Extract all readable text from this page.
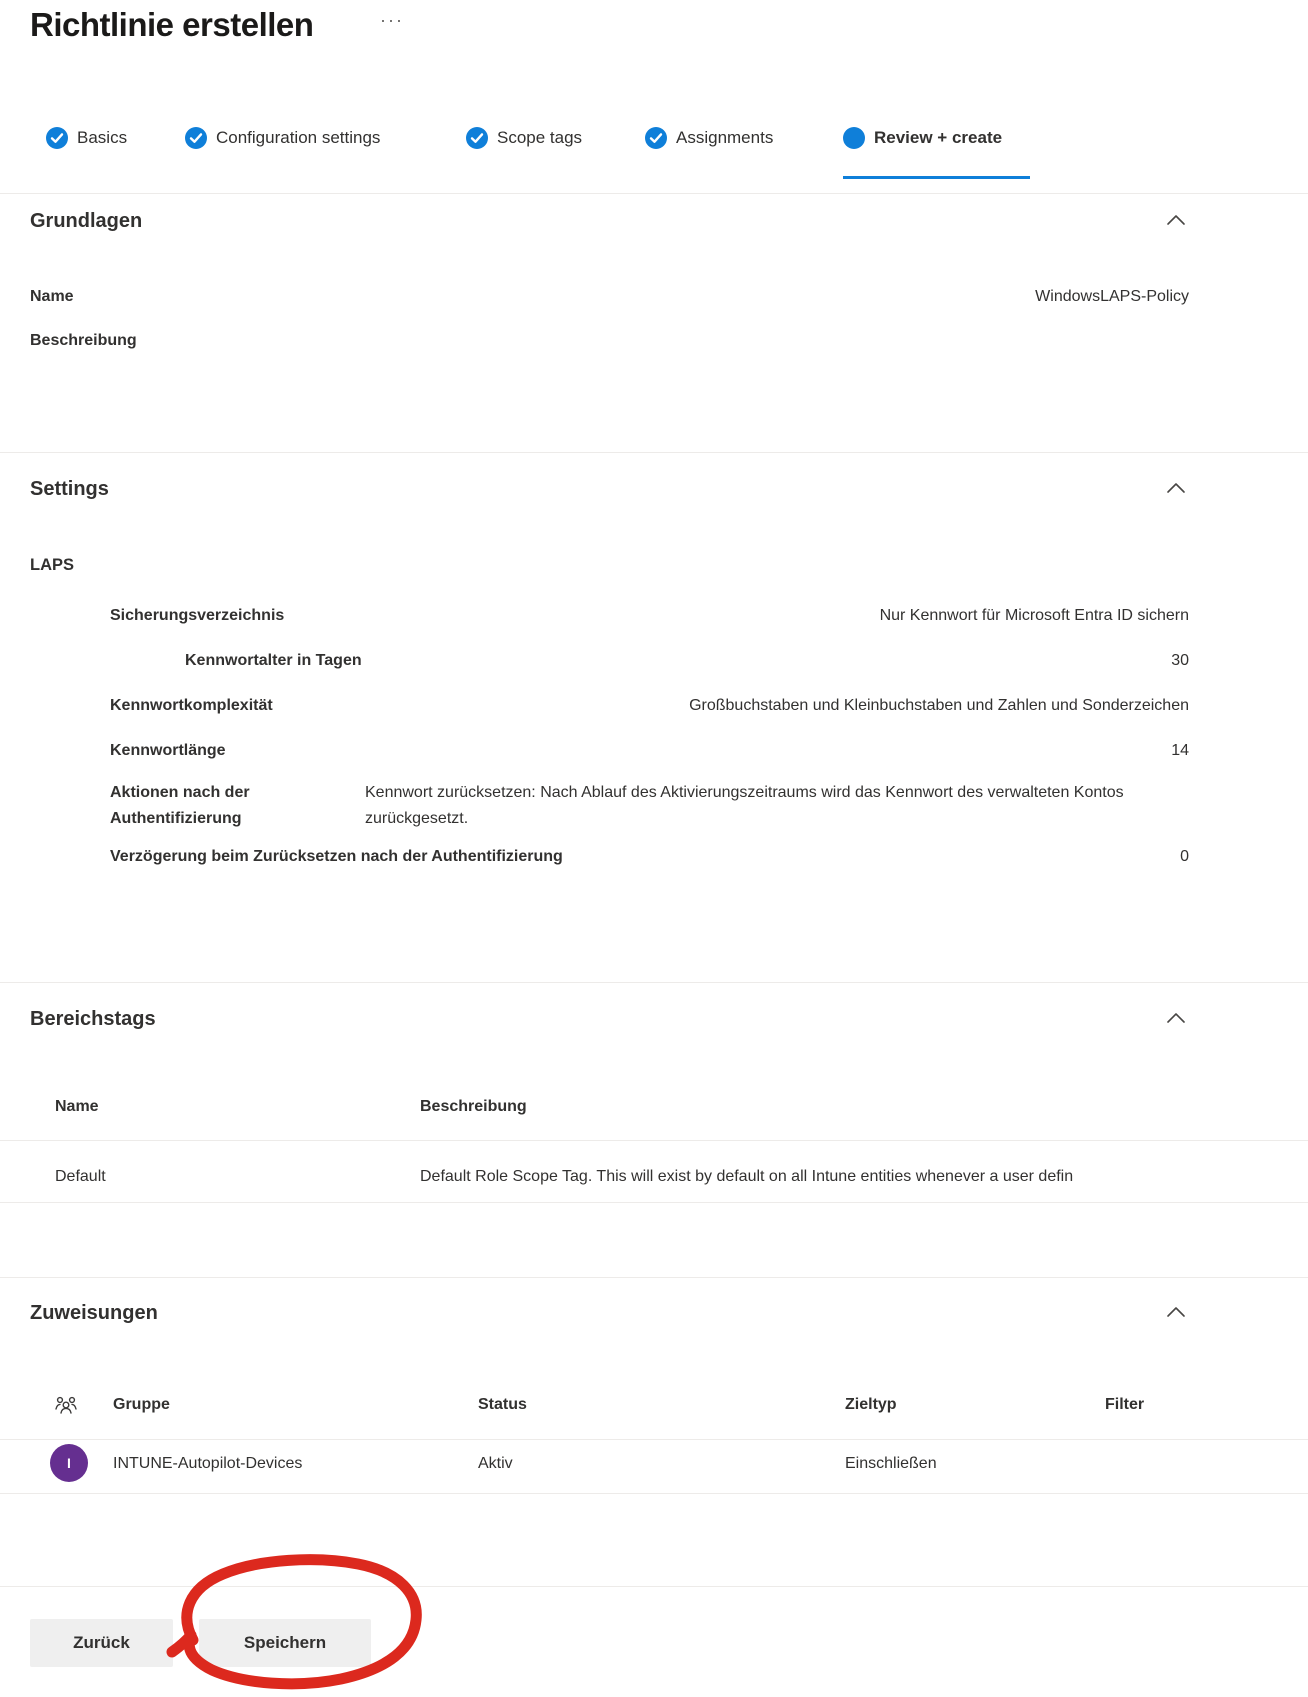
Richtlinie erstellen	···
Basics	Configuration settings	Scope tags	Assignments	Review + create
Grundlagen
Name	WindowsLAPS-Policy
Beschreibung
Settings
LAPS
Sicherungsverzeichnis	Nur Kennwort für Microsoft Entra ID sichern
Kennwortalter in Tagen	30
Kennwortkomplexität	Großbuchstaben und Kleinbuchstaben und Zahlen und Sonderzeichen
Kennwortlänge	14
Aktionen nach der Authentifizierung
Kennwort zurücksetzen: Nach Ablauf des Aktivierungszeitraums wird das Kennwort des verwalteten Kontos zurückgesetzt.
Verzögerung beim Zurücksetzen nach der Authentifizierung	0
Bereichstags
Name	Beschreibung
Default	Default Role Scope Tag. This will exist by default on all Intune entities whenever a user defin
Zuweisungen
Gruppe	Status	Zieltyp	Filter
I	INTUNE-Autopilot-Devices	Aktiv	Einschließen
Zurück	Speichern
